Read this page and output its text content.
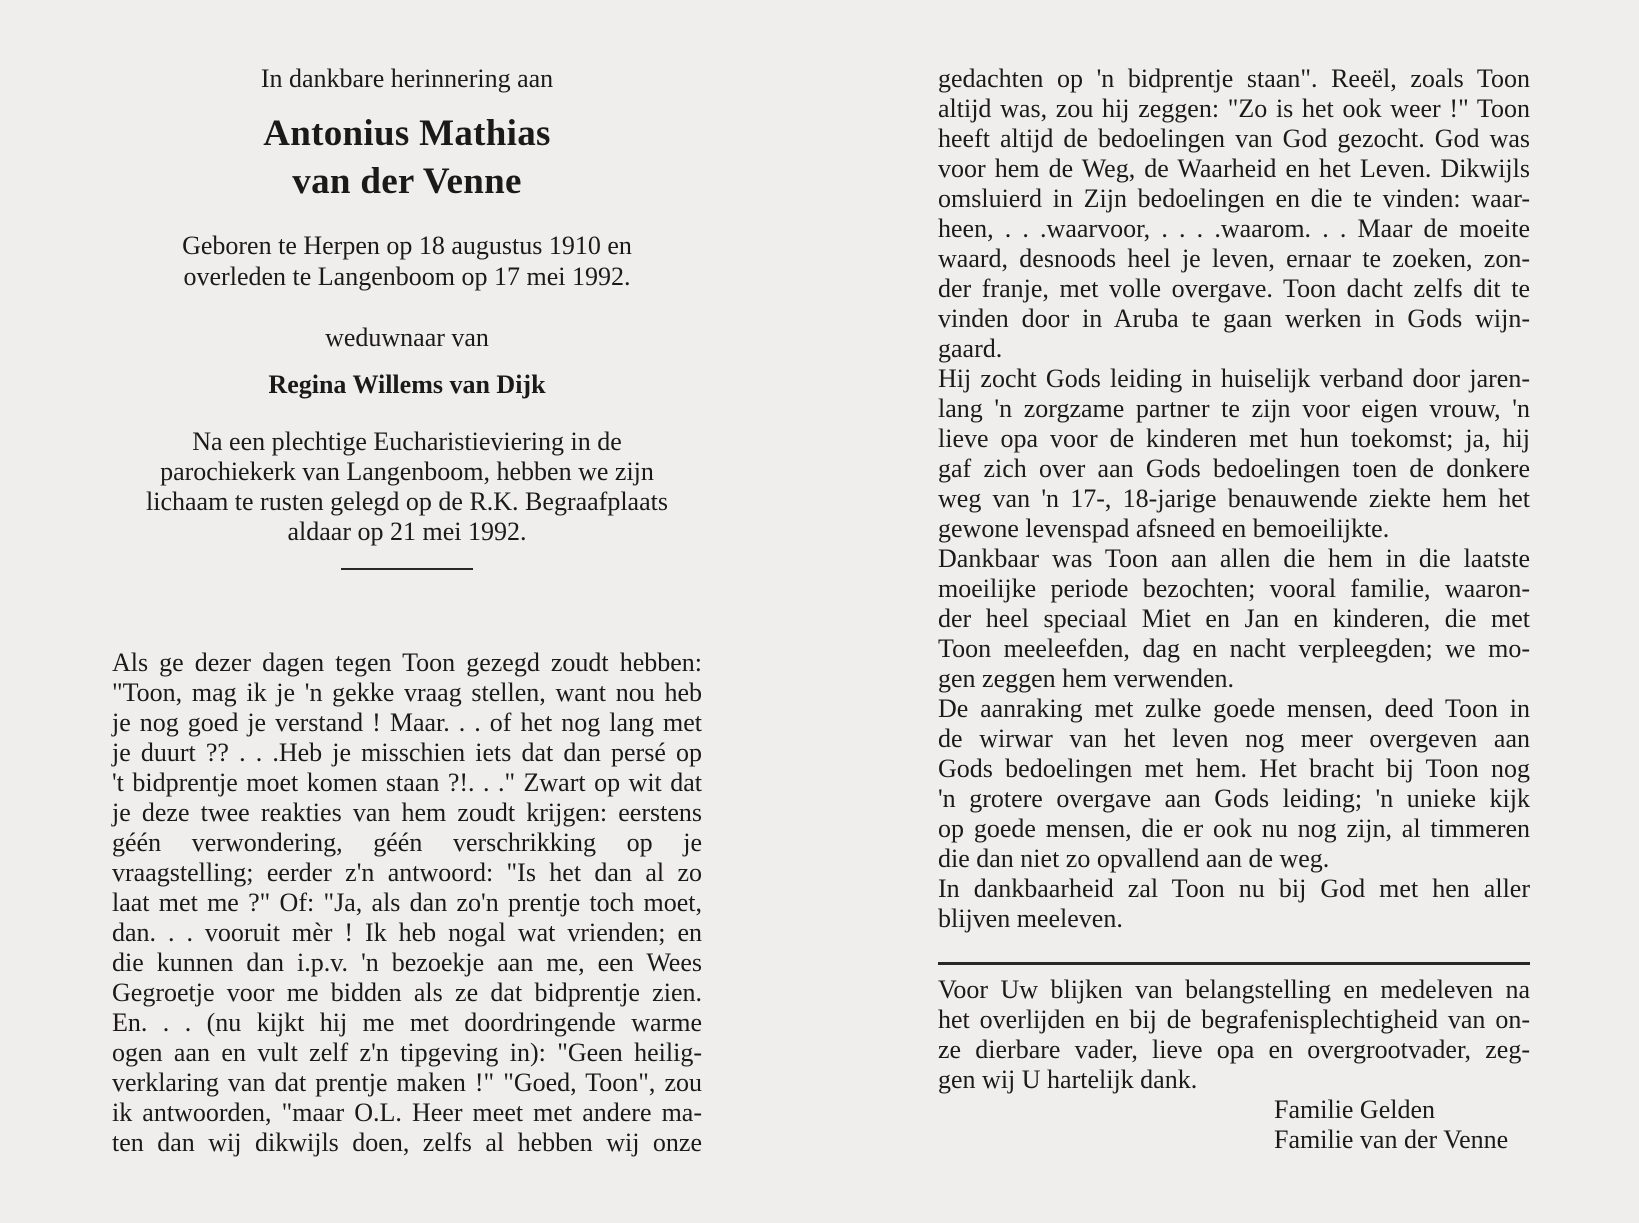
In dankbare herinnering aan
Antonius Mathias
van der Venne
Geboren te Herpen op 18 augustus 1910 en
overleden te Langenboom op 17 mei 1992.
weduwnaar van
Regina Willems van Dijk
Na een plechtige Eucharistieviering in de
parochiekerk van Langenboom, hebben we zijn
lichaam te rusten gelegd op de R.K. Begraafplaats
aldaar op 21 mei 1992.
Als ge dezer dagen tegen Toon gezegd zoudt hebben:
"Toon, mag ik je 'n gekke vraag stellen, want nou heb
je nog goed je verstand ! Maar. . . of het nog lang met
je duurt ?? . . .Heb je misschien iets dat dan persé op
't bidprentje moet komen staan ?!. . ." Zwart op wit dat
je deze twee reakties van hem zoudt krijgen: eerstens
géén verwondering, géén verschrikking op je
vraagstelling; eerder z'n antwoord: "Is het dan al zo
laat met me ?" Of: "Ja, als dan zo'n prentje toch moet,
dan. . . vooruit mèr ! Ik heb nogal wat vrienden; en
die kunnen dan i.p.v. 'n bezoekje aan me, een Wees
Gegroetje voor me bidden als ze dat bidprentje zien.
En. . . (nu kijkt hij me met doordringende warme
ogen aan en vult zelf z'n tipgeving in): "Geen heilig-
verklaring van dat prentje maken !" "Goed, Toon", zou
ik antwoorden, "maar O.L. Heer meet met andere ma-
ten dan wij dikwijls doen, zelfs al hebben wij onze
gedachten op 'n bidprentje staan". Reeël, zoals Toon
altijd was, zou hij zeggen: "Zo is het ook weer !" Toon
heeft altijd de bedoelingen van God gezocht. God was
voor hem de Weg, de Waarheid en het Leven. Dikwijls
omsluierd in Zijn bedoelingen en die te vinden: waar-
heen, . . .waarvoor, . . . .waarom. . . Maar de moeite
waard, desnoods heel je leven, ernaar te zoeken, zon-
der franje, met volle overgave. Toon dacht zelfs dit te
vinden door in Aruba te gaan werken in Gods wijn-
gaard.
Hij zocht Gods leiding in huiselijk verband door jaren-
lang 'n zorgzame partner te zijn voor eigen vrouw, 'n
lieve opa voor de kinderen met hun toekomst; ja, hij
gaf zich over aan Gods bedoelingen toen de donkere
weg van 'n 17-, 18-jarige benauwende ziekte hem het
gewone levenspad afsneed en bemoeilijkte.
Dankbaar was Toon aan allen die hem in die laatste
moeilijke periode bezochten; vooral familie, waaron-
der heel speciaal Miet en Jan en kinderen, die met
Toon meeleefden, dag en nacht verpleegden; we mo-
gen zeggen hem verwenden.
De aanraking met zulke goede mensen, deed Toon in
de wirwar van het leven nog meer overgeven aan
Gods bedoelingen met hem. Het bracht bij Toon nog
'n grotere overgave aan Gods leiding; 'n unieke kijk
op goede mensen, die er ook nu nog zijn, al timmeren
die dan niet zo opvallend aan de weg.
In dankbaarheid zal Toon nu bij God met hen aller
blijven meeleven.
Voor Uw blijken van belangstelling en medeleven na
het overlijden en bij de begrafenisplechtigheid van on-
ze dierbare vader, lieve opa en overgrootvader, zeg-
gen wij U hartelijk dank.
Familie Gelden
Familie van der Venne
